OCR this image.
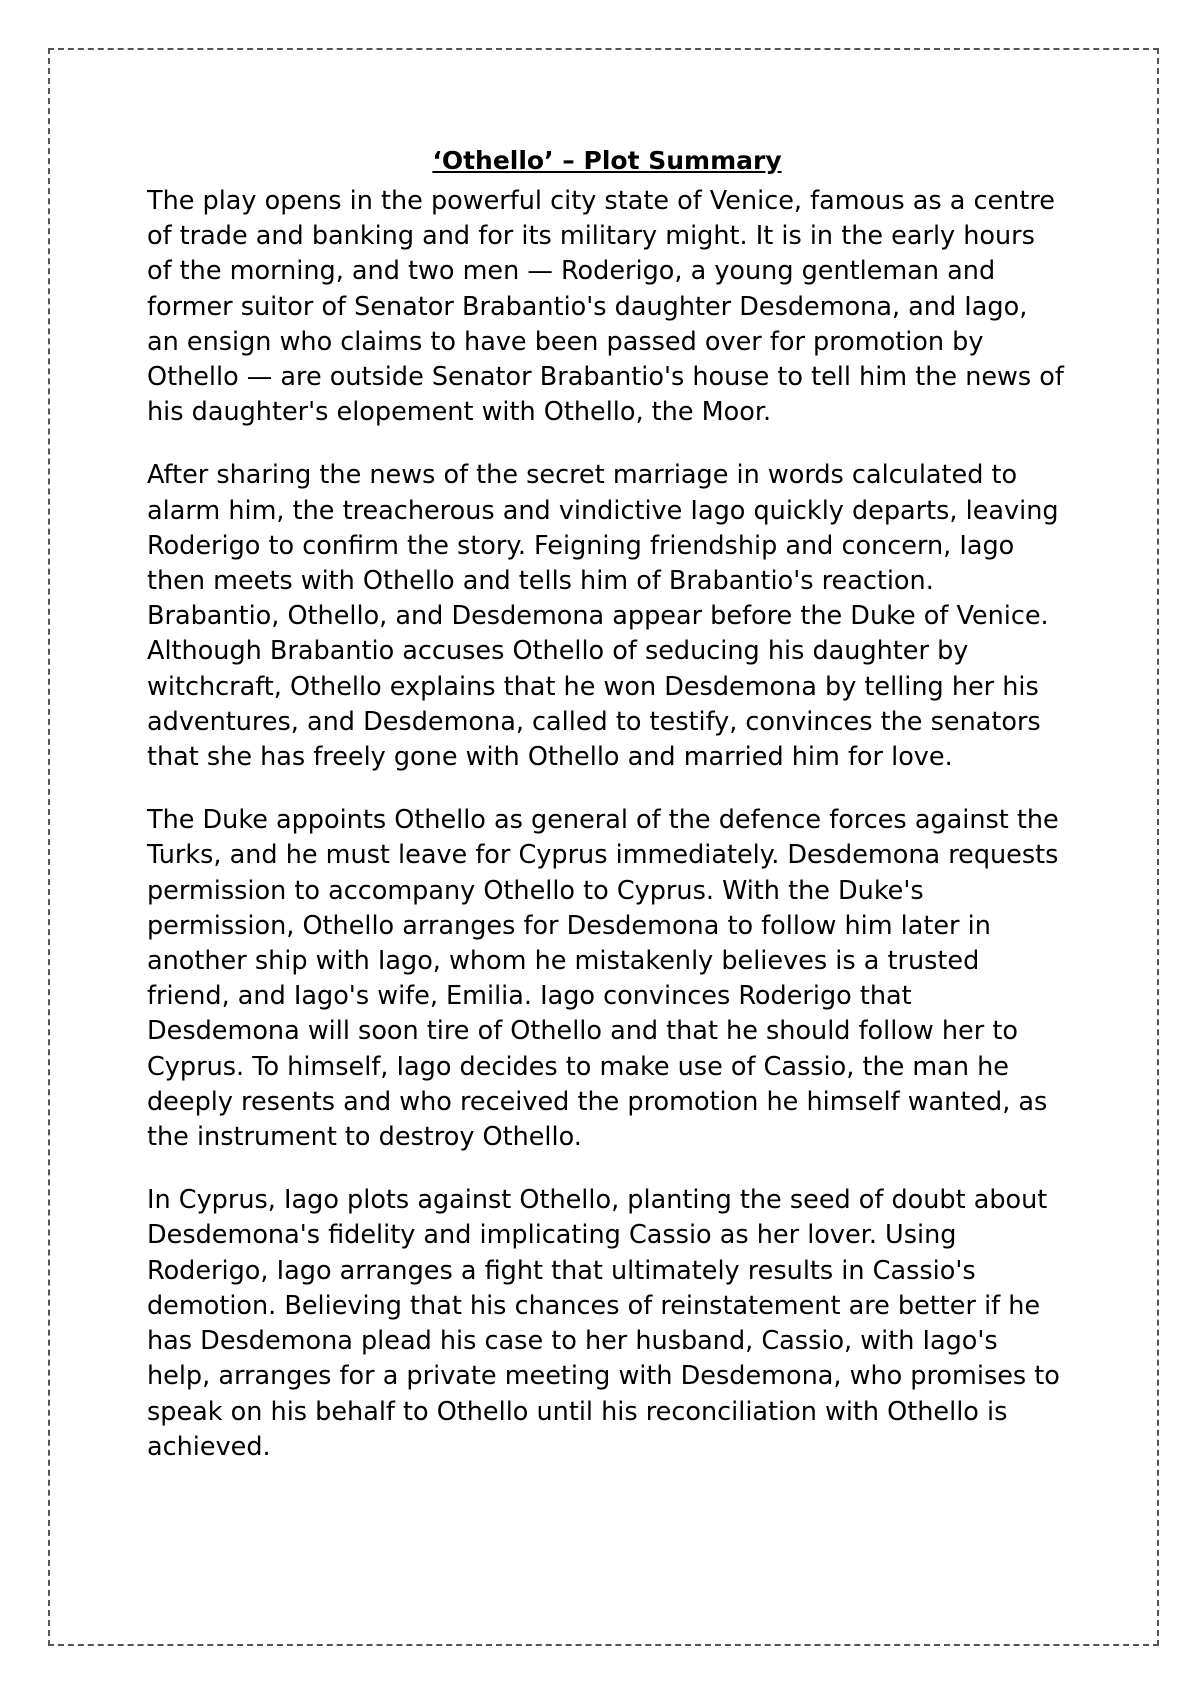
‘Othello’ – Plot Summary

The play opens in the powerful city state of Venice, famous as a centre of trade and banking and for its military might. It is in the early hours of the morning, and two men — Roderigo, a young gentleman and former suitor of Senator Brabantio's daughter Desdemona, and Iago, an ensign who claims to have been passed over for promotion by Othello — are outside Senator Brabantio's house to tell him the news of his daughter's elopement with Othello, the Moor.

After sharing the news of the secret marriage in words calculated to alarm him, the treacherous and vindictive Iago quickly departs, leaving Roderigo to confirm the story. Feigning friendship and concern, Iago then meets with Othello and tells him of Brabantio's reaction. Brabantio, Othello, and Desdemona appear before the Duke of Venice. Although Brabantio accuses Othello of seducing his daughter by witchcraft, Othello explains that he won Desdemona by telling her his adventures, and Desdemona, called to testify, convinces the senators that she has freely gone with Othello and married him for love.

The Duke appoints Othello as general of the defence forces against the Turks, and he must leave for Cyprus immediately. Desdemona requests permission to accompany Othello to Cyprus. With the Duke's permission, Othello arranges for Desdemona to follow him later in another ship with Iago, whom he mistakenly believes is a trusted friend, and Iago's wife, Emilia. Iago convinces Roderigo that Desdemona will soon tire of Othello and that he should follow her to Cyprus. To himself, Iago decides to make use of Cassio, the man he deeply resents and who received the promotion he himself wanted, as the instrument to destroy Othello.

In Cyprus, Iago plots against Othello, planting the seed of doubt about Desdemona's fidelity and implicating Cassio as her lover. Using Roderigo, Iago arranges a fight that ultimately results in Cassio's demotion. Believing that his chances of reinstatement are better if he has Desdemona plead his case to her husband, Cassio, with Iago's help, arranges for a private meeting with Desdemona, who promises to speak on his behalf to Othello until his reconciliation with Othello is achieved.
